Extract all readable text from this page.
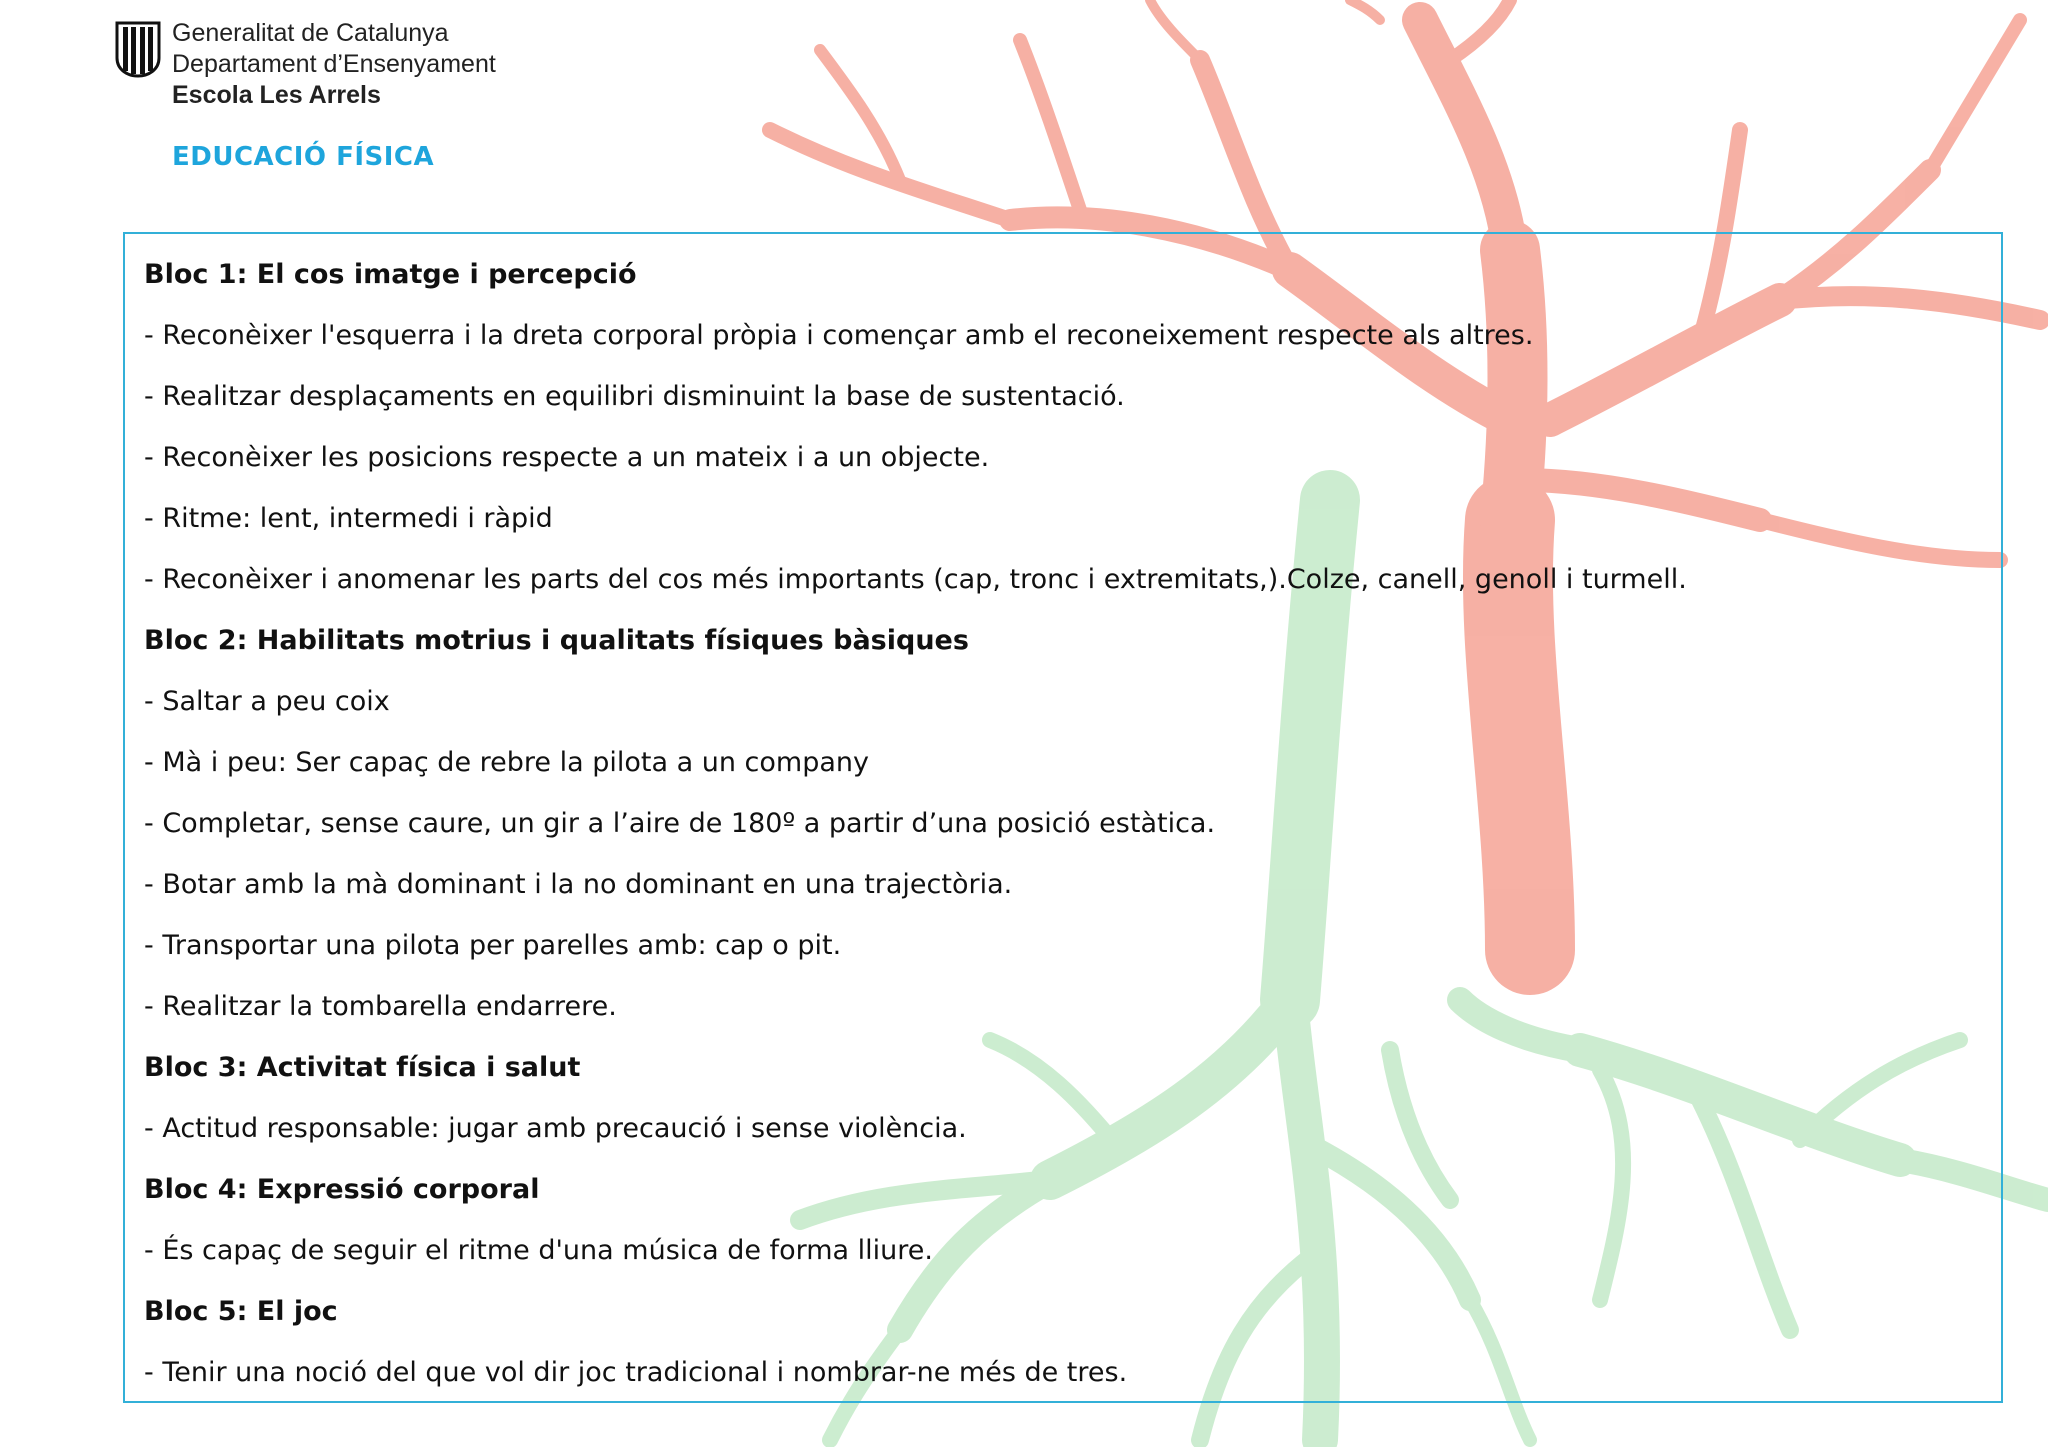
Generalitat de Catalunya
Departament d’Ensenyament
Escola Les Arrels
EDUCACIÓ FÍSICA
Bloc 1: El cos imatge i percepció
- Reconèixer l'esquerra i la dreta corporal pròpia i començar amb el reconeixement respecte als altres.
- Realitzar desplaçaments en equilibri disminuint la base de sustentació.
- Reconèixer les posicions respecte a un mateix i a un objecte.
- Ritme: lent, intermedi i ràpid
- Reconèixer i anomenar les parts del cos més importants (cap, tronc i extremitats,).Colze, canell, genoll i turmell.
Bloc 2: Habilitats motrius i qualitats físiques bàsiques
- Saltar a peu coix
- Mà i peu: Ser capaç de rebre la pilota a un company
- Completar, sense caure, un gir a l’aire de 180º a partir d’una posició estàtica.
- Botar amb la mà dominant i la no dominant en una trajectòria.
- Transportar una pilota per parelles amb: cap o pit.
- Realitzar la tombarella endarrere.
Bloc 3: Activitat física i salut
- Actitud responsable: jugar amb precaució i sense violència.
Bloc 4: Expressió corporal
- És capaç de seguir el ritme d'una música de forma lliure.
Bloc 5: El joc
- Tenir una noció del que vol dir joc tradicional i nombrar-ne més de tres.
